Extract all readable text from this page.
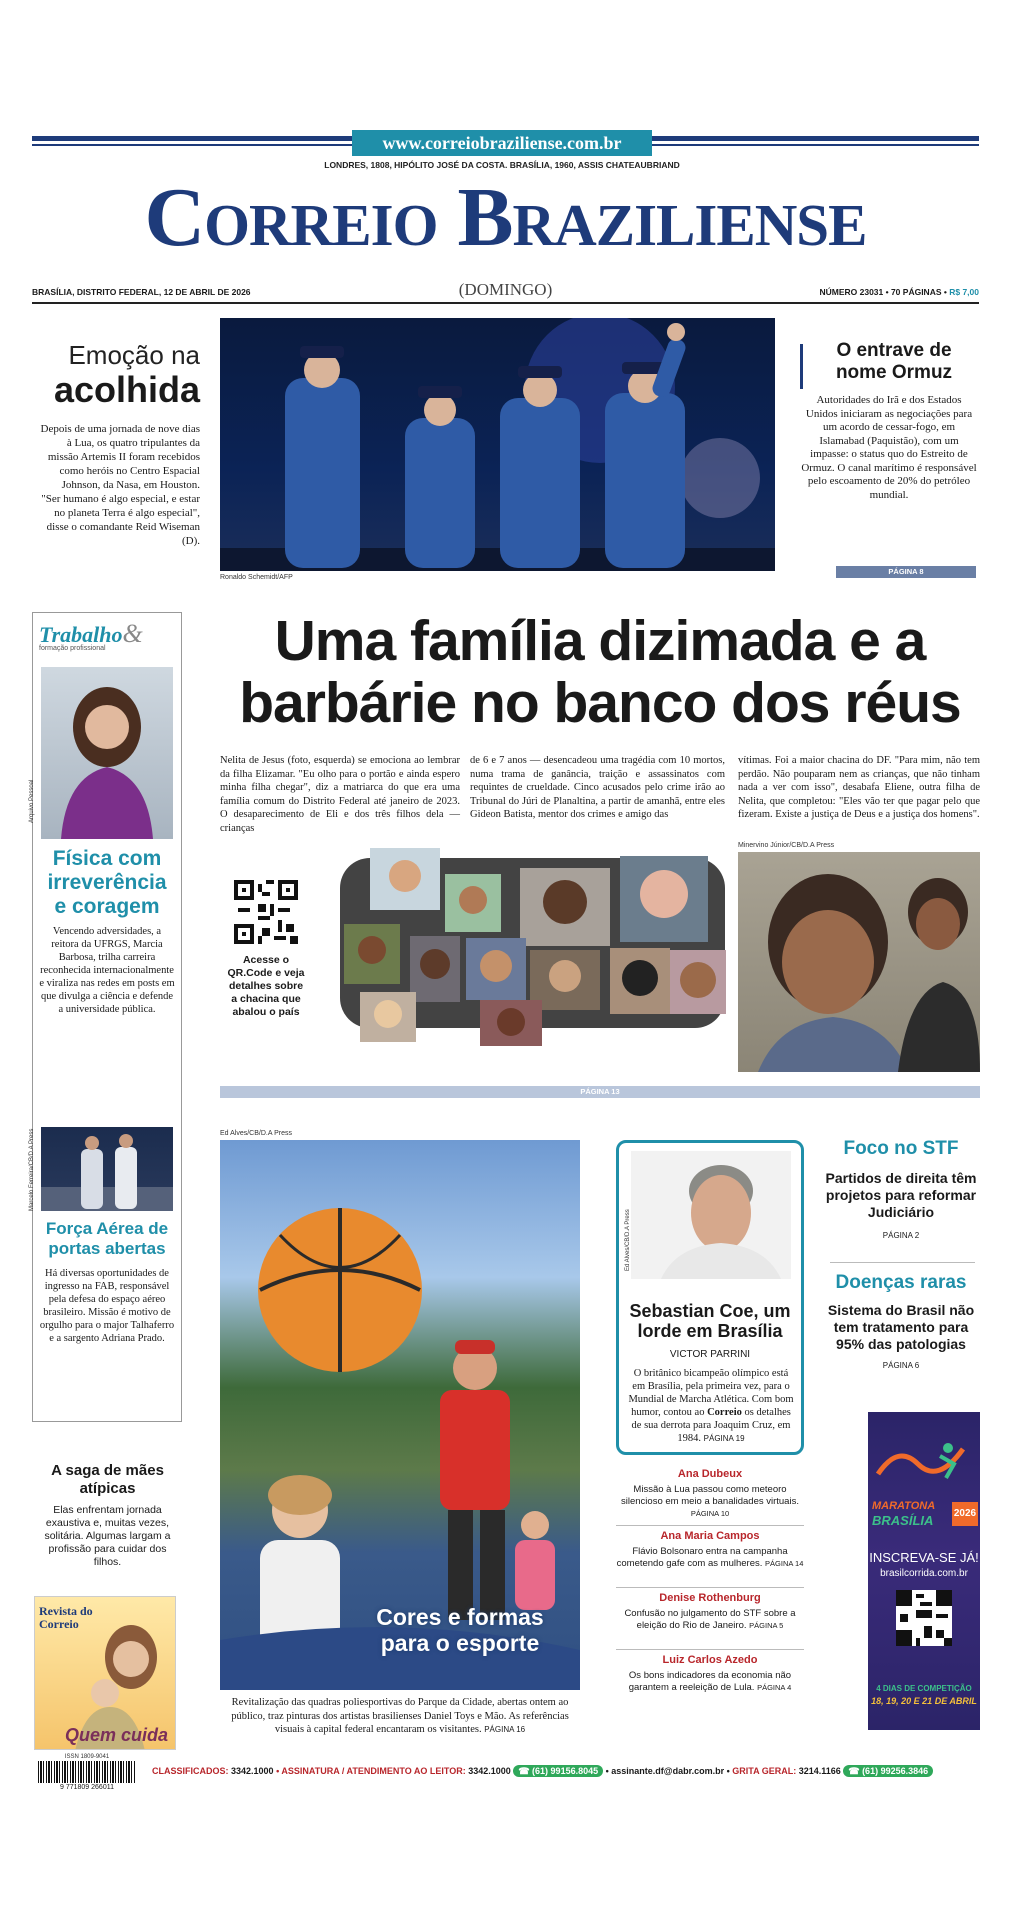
www.correiobraziliense.com.br
LONDRES, 1808, HIPÓLITO JOSÉ DA COSTA. BRASÍLIA, 1960, ASSIS CHATEAUBRIAND
Correio Braziliense
BRASÍLIA, DISTRITO FEDERAL, 12 DE ABRIL DE 2026	(DOMINGO)	NÚMERO 23031 • 70 PÁGINAS • R$ 7,00
Emoção na
acolhida
Depois de uma jornada de nove dias à Lua, os quatro tripulantes da missão Artemis II foram recebidos como heróis no Centro Espacial Johnson, da Nasa, em Houston. "Ser humano é algo especial, e estar no planeta Terra é algo especial", disse o comandante Reid Wiseman (D).
Ronaldo Schemidt/AFP
O entrave de nome Ormuz
Autoridades do Irã e dos Estados Unidos iniciaram as negociações para um acordo de cessar-fogo, em Islamabad (Paquistão), com um impasse: o status quo do Estreito de Ormuz. O canal marítimo é responsável pelo escoamento de 20% do petróleo mundial.
PÁGINA 8
Trabalho&
formação profissional
Arquivo Pessoal
Física com irreverência e coragem
Vencendo adversidades, a reitora da UFRGS, Marcia Barbosa, trilha carreira reconhecida internacionalmente e viraliza nas redes em posts em que divulga a ciência e defende a universidade pública.
Marcelo Ferreira/CB/D.A Press
Força Aérea de portas abertas
Há diversas oportunidades de ingresso na FAB, responsável pela defesa do espaço aéreo brasileiro. Missão é motivo de orgulho para o major Talhaferro e a sargento Adriana Prado.
A saga de mães atípicas
Elas enfrentam jornada exaustiva e, muitas vezes, solitária. Algumas largam a profissão para cuidar dos filhos.
Revista do Correio
Quem cuida
Uma família dizimada e a barbárie no banco dos réus
Nelita de Jesus (foto, esquerda) se emociona ao lembrar da filha Elizamar. "Eu olho para o portão e ainda espero minha filha chegar", diz a matriarca do que era uma família comum do Distrito Federal até janeiro de 2023. O desaparecimento de Eli e dos três filhos dela — crianças
de 6 e 7 anos — desencadeou uma tragédia com 10 mortos, numa trama de ganância, traição e assassinatos com requintes de crueldade. Cinco acusados pelo crime irão ao Tribunal do Júri de Planaltina, a partir de amanhã, entre eles Gideon Batista, mentor dos crimes e amigo das
vítimas. Foi a maior chacina do DF. "Para mim, não tem perdão. Não pouparam nem as crianças, que não tinham nada a ver com isso", desabafa Eliene, outra filha de Nelita, que completou: "Eles vão ter que pagar pelo que fizeram. Existe a justiça de Deus e a justiça dos homens".
Acesse o QR.Code e veja detalhes sobre a chacina que abalou o país
Minervino Júnior/CB/D.A Press
PÁGINA 13
Ed Alves/CB/D.A Press
Cores e formas
para o esporte
Revitalização das quadras poliesportivas do Parque da Cidade, abertas ontem ao público, traz pinturas dos artistas brasilienses Daniel Toys e Mão. As referências visuais à capital federal encantaram os visitantes. PÁGINA 16
Ed Alves/CB/D.A Press
Sebastian Coe, um lorde em Brasília
VICTOR PARRINI
O britânico bicampeão olímpico está em Brasília, pela primeira vez, para o Mundial de Marcha Atlética. Com bom humor, contou ao Correio os detalhes de sua derrota para Joaquim Cruz, em 1984. PÁGINA 19
Ana Dubeux
Missão à Lua passou como meteoro silencioso em meio a banalidades virtuais. PÁGINA 10
Ana Maria Campos
Flávio Bolsonaro entra na campanha cometendo gafe com as mulheres. PÁGINA 14
Denise Rothenburg
Confusão no julgamento do STF sobre a eleição do Rio de Janeiro. PÁGINA 5
Luiz Carlos Azedo
Os bons indicadores da economia não garantem a reeleição de Lula. PÁGINA 4
Foco no STF
Partidos de direita têm projetos para reformar Judiciário
PÁGINA 2
Doenças raras
Sistema do Brasil não tem tratamento para 95% das patologias
PÁGINA 6
MARATONA
BRASÍLIA	2026
INSCREVA-SE JÁ!
brasilcorrida.com.br
4 DIAS DE COMPETIÇÃO
18, 19, 20 E 21 DE ABRIL
ISSN 1809-9041
9 771809 266011
CLASSIFICADOS: 3342.1000 • ASSINATURA / ATENDIMENTO AO LEITOR: 3342.1000 ☎ (61) 99156.8045 • assinante.df@dabr.com.br • GRITA GERAL: 3214.1166 ☎ (61) 99256.3846
